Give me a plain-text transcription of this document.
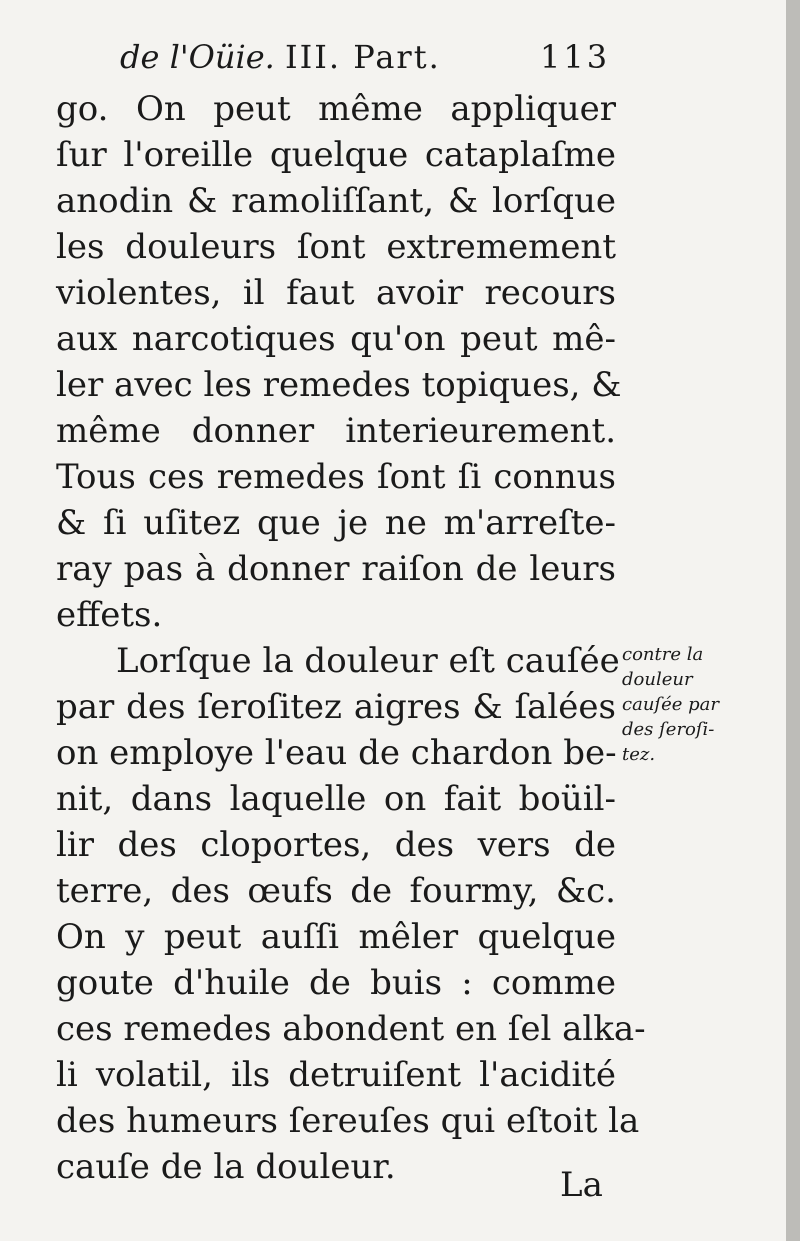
de l'Oüie. III. Part.	113
go. On peut même appliquer
ſur l'oreille quelque cataplaſme
anodin & ramoliſſant, & lorſque
les douleurs ſont extremement
violentes, il faut avoir recours
aux narcotiques qu'on peut mê-
ler avec les remedes topiques, &
même donner interieurement.
Tous ces remedes ſont ſi connus
& ſi uſitez que je ne m'arreſte-
ray pas à donner raiſon de leurs
effets.
Lorſque la douleur eſt cauſée
par des ſeroſitez aigres & ſalées
on employe l'eau de chardon be-
nit, dans laquelle on fait boüil-
lir des cloportes, des vers de
terre, des œufs de fourmy, &c.
On y peut auſſi mêler quelque
goute d'huile de buis : comme
ces remedes abondent en ſel alka-
li volatil, ils detruiſent l'acidité
des humeurs ſereuſes qui eſtoit la
cauſe de la douleur.
contre la
douleur
cauſée par
des ſeroſi-
tez.
La
